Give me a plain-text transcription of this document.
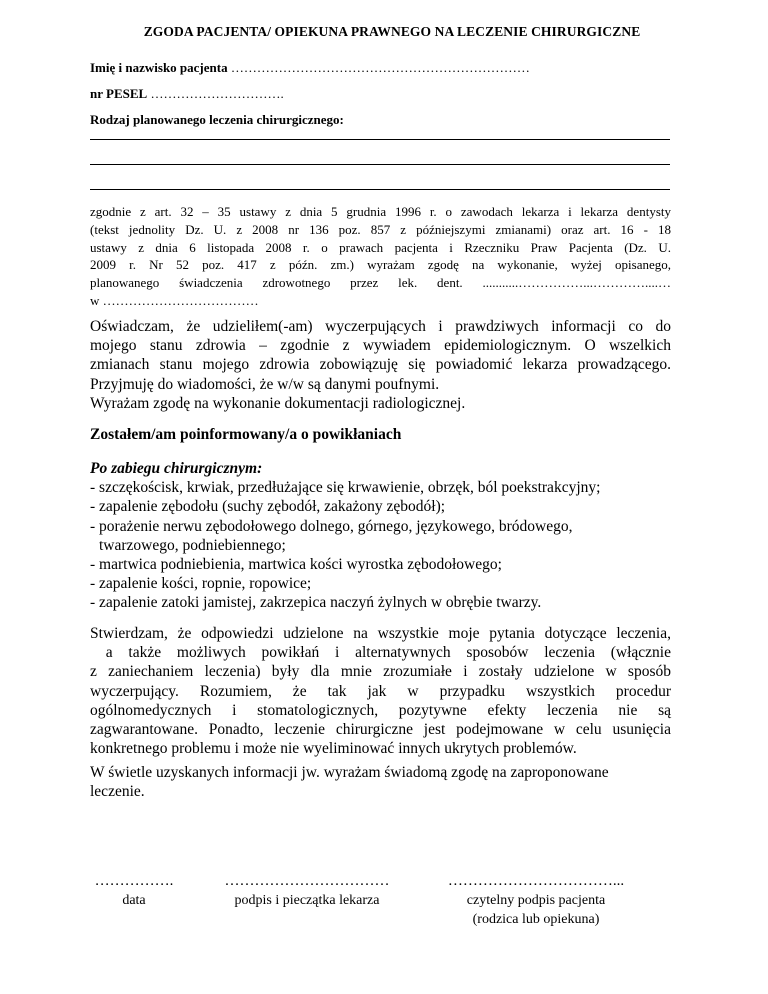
ZGODA PACJENTA/ OPIEKUNA PRAWNEGO NA LECZENIE CHIRURGICZNE
Imię i nazwisko pacjenta ……………………………………………………………
nr PESEL ………………………….
Rodzaj planowanego leczenia chirurgicznego:
zgodnie z art. 32 – 35 ustawy z dnia 5 grudnia 1996 r. o zawodach lekarza i lekarza dentysty
(tekst jednolity Dz. U. z 2008 nr 136 poz. 857 z późniejszymi zmianami) oraz art. 16 - 18
ustawy z dnia 6 listopada 2008 r. o prawach pacjenta i Rzeczniku Praw Pacjenta (Dz. U.
2009 r. Nr 52 poz. 417 z późn. zm.) wyrażam zgodę na wykonanie, wyżej opisanego,
planowanego świadczenia zdrowotnego przez lek. dent. ...........……………...…………....…
w ………………………………
Oświadczam, że udzieliłem(-am) wyczerpujących i prawdziwych informacji co do
mojego stanu zdrowia – zgodnie z wywiadem epidemiologicznym. O wszelkich
zmianach stanu mojego zdrowia zobowiązuję się powiadomić lekarza prowadzącego.
Przyjmuję do wiadomości, że w/w są danymi poufnymi.
Wyrażam zgodę na wykonanie dokumentacji radiologicznej.
Zostałem/am poinformowany/a o powikłaniach
Po zabiegu chirurgicznym:
- szczękościsk, krwiak, przedłużające się krwawienie, obrzęk, ból poekstrakcyjny;
- zapalenie zębodołu (suchy zębodół, zakażony zębodół);
- porażenie nerwu zębodołowego dolnego, górnego, językowego, bródowego,
twarzowego, podniebiennego;
- martwica podniebienia, martwica kości wyrostka zębodołowego;
- zapalenie kości, ropnie, ropowice;
- zapalenie zatoki jamistej, zakrzepica naczyń żylnych w obrębie twarzy.
Stwierdzam, że odpowiedzi udzielone na wszystkie moje pytania dotyczące leczenia,
a także możliwych powikłań i alternatywnych sposobów leczenia (włącznie
z zaniechaniem leczenia) były dla mnie zrozumiałe i zostały udzielone w sposób
wyczerpujący. Rozumiem, że tak jak w przypadku wszystkich procedur
ogólnomedycznych i stomatologicznych, pozytywne efekty leczenia nie są
zagwarantowane. Ponadto, leczenie chirurgiczne jest podejmowane w celu usunięcia
konkretnego problemu i może nie wyeliminować innych ukrytych problemów.
W świetle uzyskanych informacji jw. wyrażam świadomą zgodę na zaproponowane
leczenie.
…………….
data
……………………………
podpis i pieczątka lekarza
……………………………...
czytelny podpis pacjenta
(rodzica lub opiekuna)
